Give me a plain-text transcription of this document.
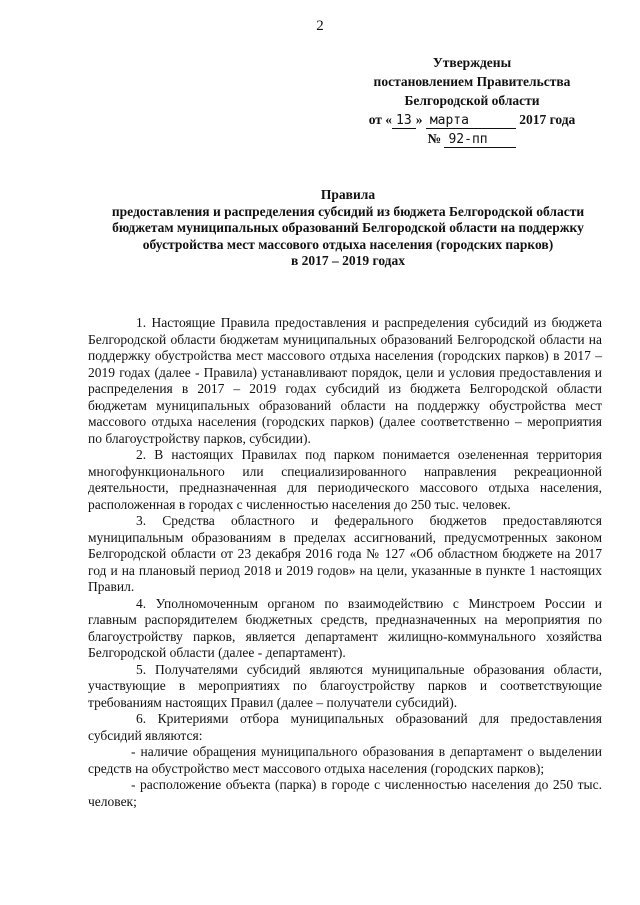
2
Утверждены
постановлением Правительства
Белгородской области
от « 13 » марта	2017 года
№ 92-пп
Правила
предоставления и распределения субсидий из бюджета Белгородской области
бюджетам муниципальных образований Белгородской области на поддержку
обустройства мест массового отдыха населения (городских парков)
в 2017 – 2019 годах

1. Настоящие Правила предоставления и распределения субсидий из бюджета Белгородской области бюджетам муниципальных образований Белгородской области на поддержку обустройства мест массового отдыха населения (городских парков) в 2017 – 2019 годах (далее - Правила) устанавливают порядок, цели и условия предоставления и распределения в 2017 – 2019 годах субсидий из бюджета Белгородской области бюджетам муниципальных образований области на поддержку обустройства мест массового отдыха населения (городских парков) (далее соответственно – мероприятия по благоустройству парков, субсидии).

2. В настоящих Правилах под парком понимается озелененная территория многофункционального или специализированного направления рекреационной деятельности, предназначенная для периодического массового отдыха населения, расположенная в городах с численностью населения до 250 тыс. человек.

3. Средства областного и федерального бюджетов предоставляются муниципальным образованиям в пределах ассигнований, предусмотренных законом Белгородской области от 23 декабря 2016 года № 127 «Об областном бюджете на 2017 год и на плановый период 2018 и 2019 годов» на цели, указанные в пункте 1 настоящих Правил.

4. Уполномоченным органом по взаимодействию с Минстроем России и главным распорядителем бюджетных средств, предназначенных на мероприятия по благоустройству парков, является департамент жилищно-коммунального хозяйства Белгородской области (далее - департамент).

5. Получателями субсидий являются муниципальные образования области, участвующие в мероприятиях по благоустройству парков и соответствующие требованиям настоящих Правил (далее – получатели субсидий).

6. Критериями отбора муниципальных образований для предоставления субсидий являются:

- наличие обращения муниципального образования в департамент о выделении средств на обустройство мест массового отдыха населения (городских парков);

- расположение объекта (парка) в городе с численностью населения до 250 тыс. человек;
